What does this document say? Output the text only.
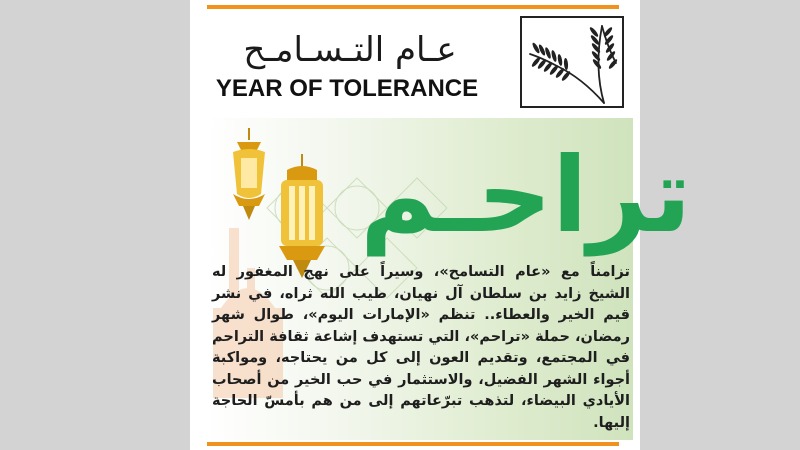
عـام التـسـامـح
YEAR OF TOLERANCE
تراحـم
تزامناً مع «عام التسامح»، وسيراً على نهج المغفور له الشيخ زايد بن سلطان آل نهيان، طيب الله ثراه، في نشر قيم الخير والعطاء.. تنظم «الإمارات اليوم»، طوال شهر رمضان، حملة «تراحم»، التي تستهدف إشاعة ثقافة التراحم في المجتمع، وتقديم العون إلى كل من يحتاجه، ومواكبة أجواء الشهر الفضيل، والاستثمار في حب الخير من أصحاب الأيادي البيضاء، لتذهب تبرّعاتهم إلى من هم بأمسّ الحاجة إليها.
